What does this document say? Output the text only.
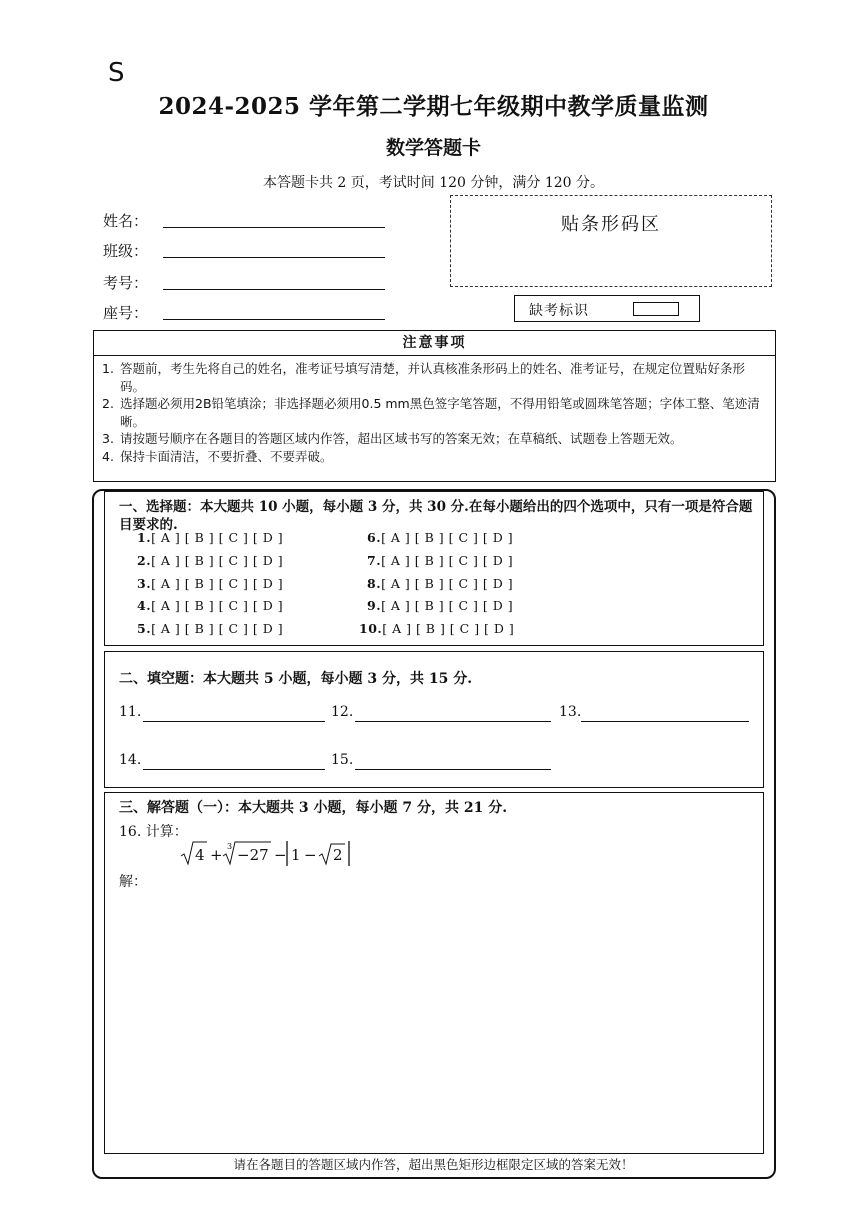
S
2024-2025 学年第二学期七年级期中教学质量监测
数学答题卡
本答题卡共 2 页，考试时间 120 分钟，满分 120 分。
姓名：
班级：
考号：
座号：
贴条形码区
缺考标识
注意事项
1. 答题前，考生先将自己的姓名，准考证号填写清楚，并认真核准条形码上的姓名、准考证号，在规定位置贴好条形码。
2. 选择题必须用2B铅笔填涂；非选择题必须用0.5 mm黑色签字笔答题，不得用铅笔或圆珠笔答题；字体工整、笔迹清晰。
3. 请按题号顺序在各题目的答题区域内作答，超出区域书写的答案无效；在草稿纸、试题卷上答题无效。
4. 保持卡面清洁，不要折叠、不要弄破。
一、选择题：本大题共 10 小题，每小题 3 分，共 30 分.在每小题给出的四个选项中，只有一项是符合题目要求的.
1.[ A ] [ B ] [ C ] [ D ]
2.[ A ] [ B ] [ C ] [ D ]
3.[ A ] [ B ] [ C ] [ D ]
4.[ A ] [ B ] [ C ] [ D ]
5.[ A ] [ B ] [ C ] [ D ]
6.[ A ] [ B ] [ C ] [ D ]
7.[ A ] [ B ] [ C ] [ D ]
8.[ A ] [ B ] [ C ] [ D ]
9.[ A ] [ B ] [ C ] [ D ]
10.[ A ] [ B ] [ C ] [ D ]
二、填空题：本大题共 5 小题，每小题 3 分，共 15 分.
11.	12.	13.
14.	15.
三、解答题（一）：本大题共 3 小题，每小题 7 分，共 21 分.
16. 计算：
4 + 3 −27 − 1 − 2
解：
请在各题目的答题区域内作答，超出黑色矩形边框限定区域的答案无效！
